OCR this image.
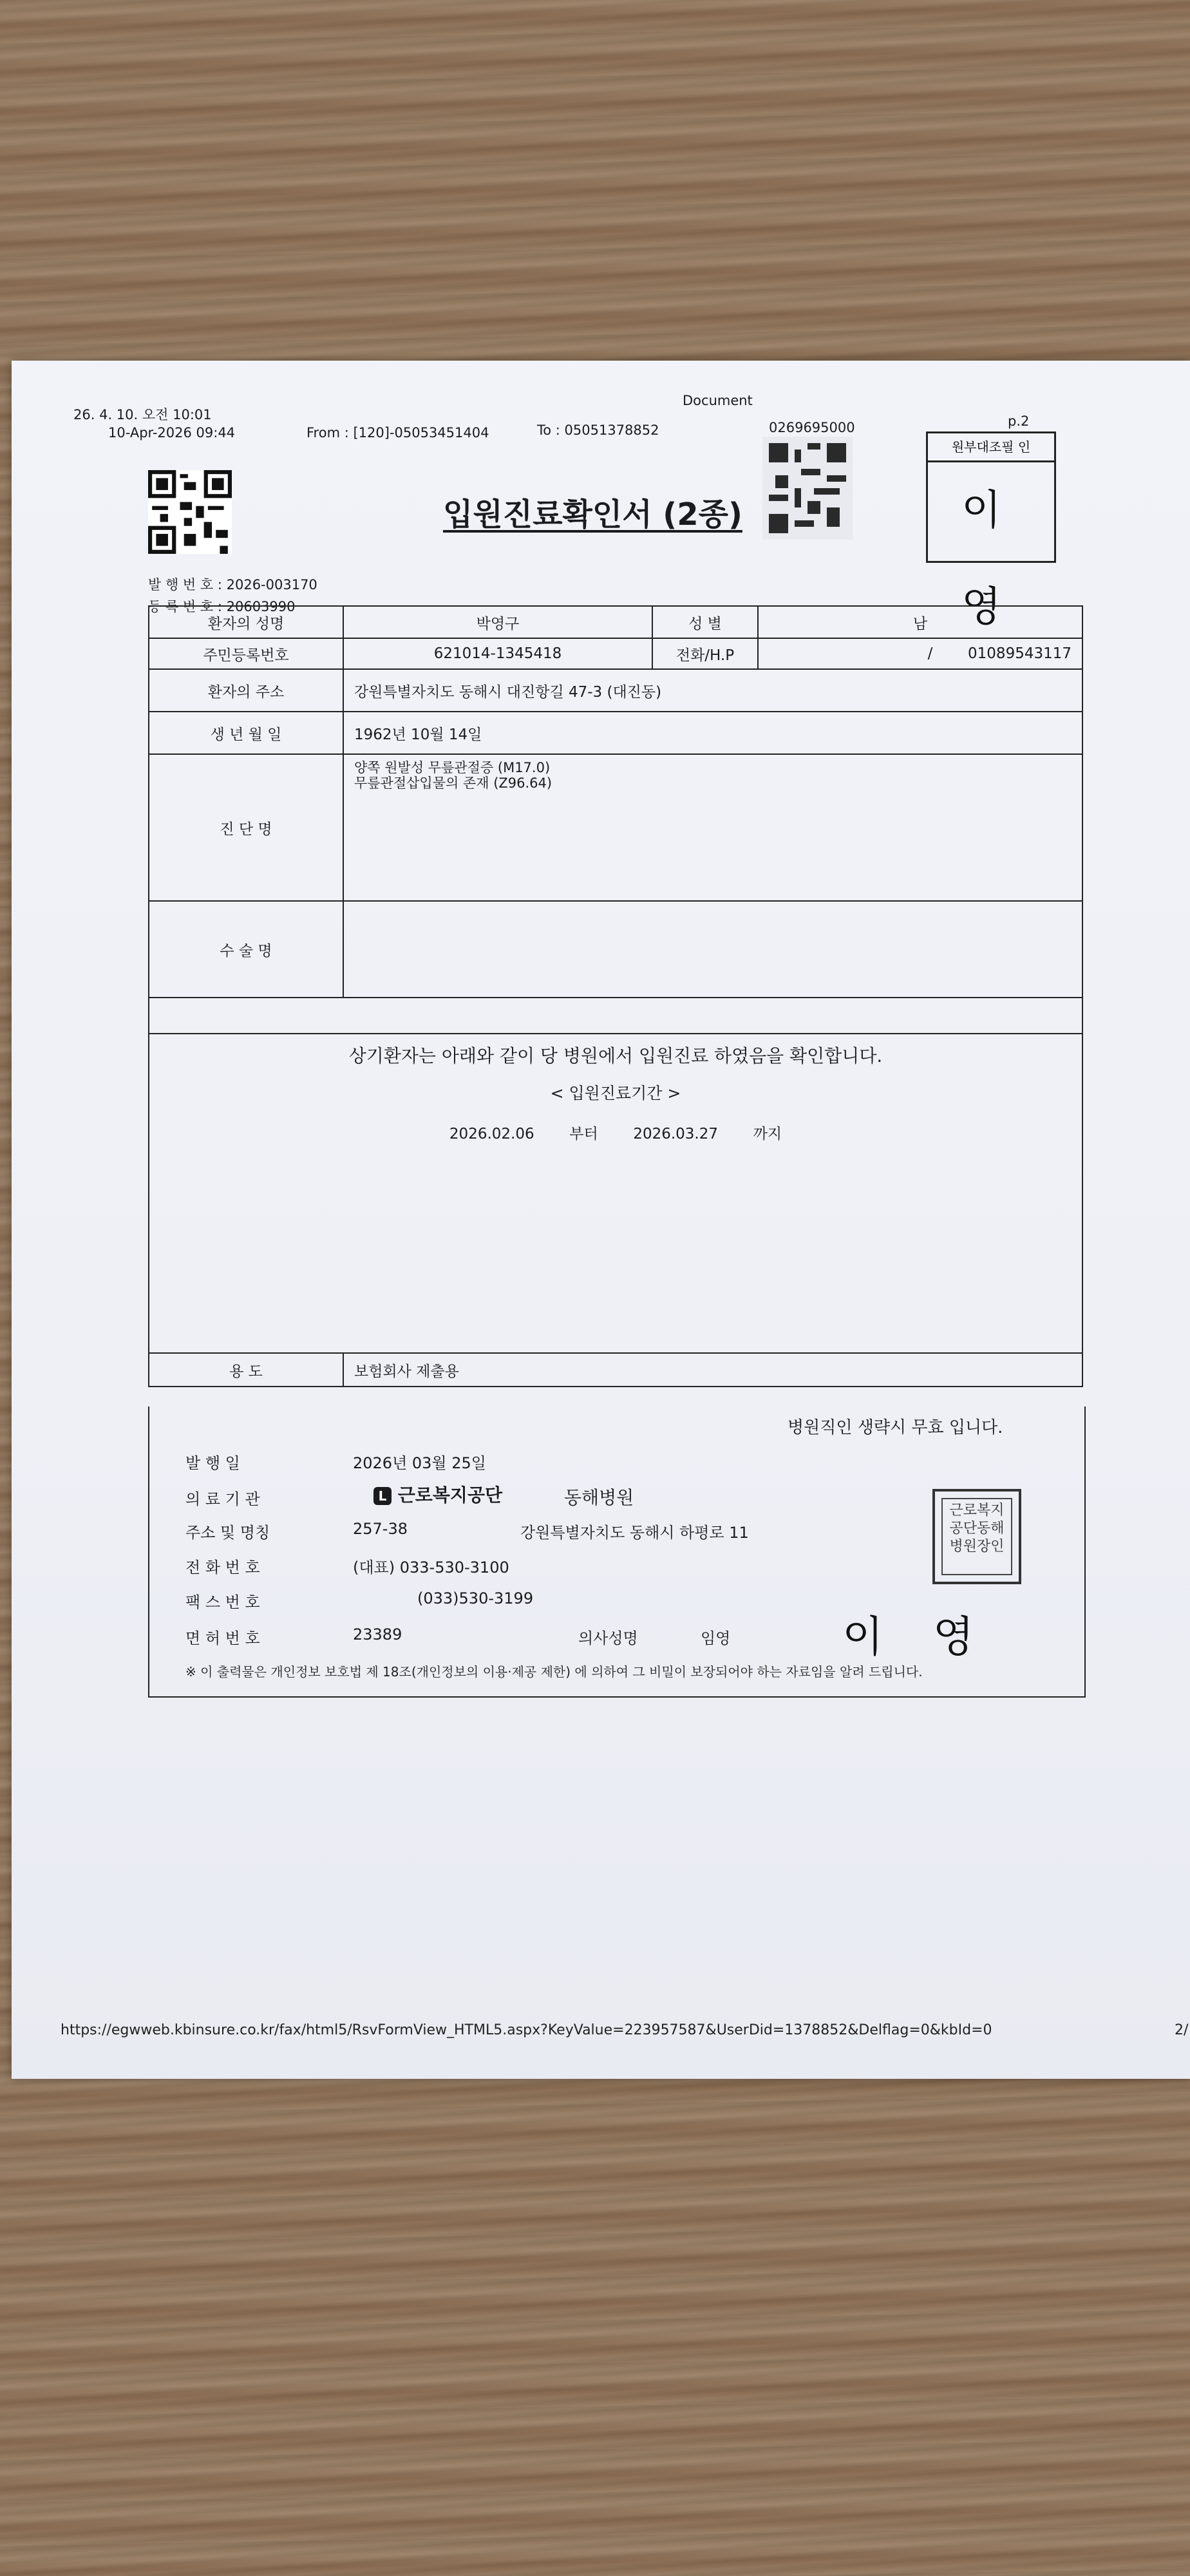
26. 4. 10. 오전 10:01
Document
10-Apr-2026 09:44	From : [120]-05053451404	To : 05051378852	0269695000	p.2
원부대조필 인
이 영
입원진료확인서 (2종)
발 행 번 호 : 2026-003170
등 록 번 호 : 20603990
환자의 성명	박영구	성 별	남
주민등록번호	621014-1345418	전화/H.P	/ 01089543117
환자의 주소	강원특별자치도 동해시 대진항길 47-3 (대진동)		
생 년 월 일	1962년 10월 14일		
진 단 명	양쪽 원발성 무릎관절증 (M17.0)
무릎관절삽입물의 존재 (Z96.64)		

수 술 명			

상기환자는 아래와 같이 당 병원에서 입원진료 하였음을 확인합니다.
< 입원진료기간 >
2026.02.06 부터 2026.03.27 까지			

용 도	보험회사 제출용		
병원직인 생략시 무효 입니다.
발 행 일	2026년 03월 25일
의 료 기 관	L 근로복지공단	동해병원
주소 및 명칭	257-38	강원특별자치도 동해시 하평로 11
전 화 번 호	(대표) 033-530-3100
팩 스 번 호	(033)530-3199
면 허 번 호	23389	의사성명	임영	이 영
근로복지공단동해병원장인
※ 이 출력물은 개인정보 보호법 제 18조(개인정보의 이용·제공 제한) 에 의하여 그 비밀이 보장되어야 하는 자료임을 알려 드립니다.
https://egwweb.kbinsure.co.kr/fax/html5/RsvFormView_HTML5.aspx?KeyValue=223957587&UserDid=1378852&Delflag=0&kbId=0	2/
